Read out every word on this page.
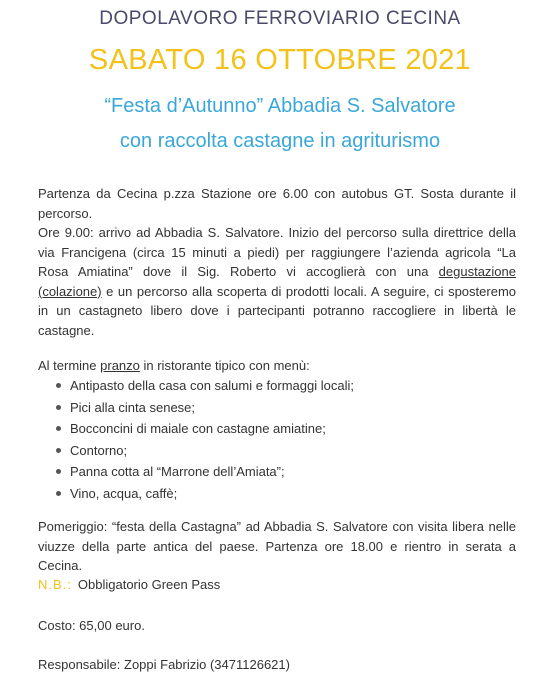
DOPOLAVORO FERROVIARIO CECINA
SABATO 16 OTTOBRE 2021
“Festa d’Autunno” Abbadia S. Salvatore
con raccolta castagne in agriturismo

Partenza da Cecina p.zza Stazione ore 6.00 con autobus GT. Sosta durante il percorso.
Ore 9.00: arrivo ad Abbadia S. Salvatore. Inizio del percorso sulla direttrice della via Francigena (circa 15 minuti a piedi) per raggiungere l’azienda agricola “La Rosa Amiatina” dove il Sig. Roberto vi accoglierà con una degustazione (colazione) e un percorso alla scoperta di prodotti locali. A seguire, ci sposteremo in un castagneto libero dove i partecipanti potranno raccogliere in libertà le castagne.

Al termine pranzo in ristorante tipico con menù:

Antipasto della casa con salumi e formaggi locali;
Pici alla cinta senese;
Bocconcini di maiale con castagne amiatine;
Contorno;
Panna cotta al “Marrone dell’Amiata”;
Vino, acqua, caffè;

Pomeriggio: “festa della Castagna” ad Abbadia S. Salvatore con visita libera nelle viuzze della parte antica del paese. Partenza ore 18.00 e rientro in serata a Cecina.

N.B.: Obbligatorio Green Pass
Costo: 65,00 euro.
Responsabile: Zoppi Fabrizio (3471126621)
